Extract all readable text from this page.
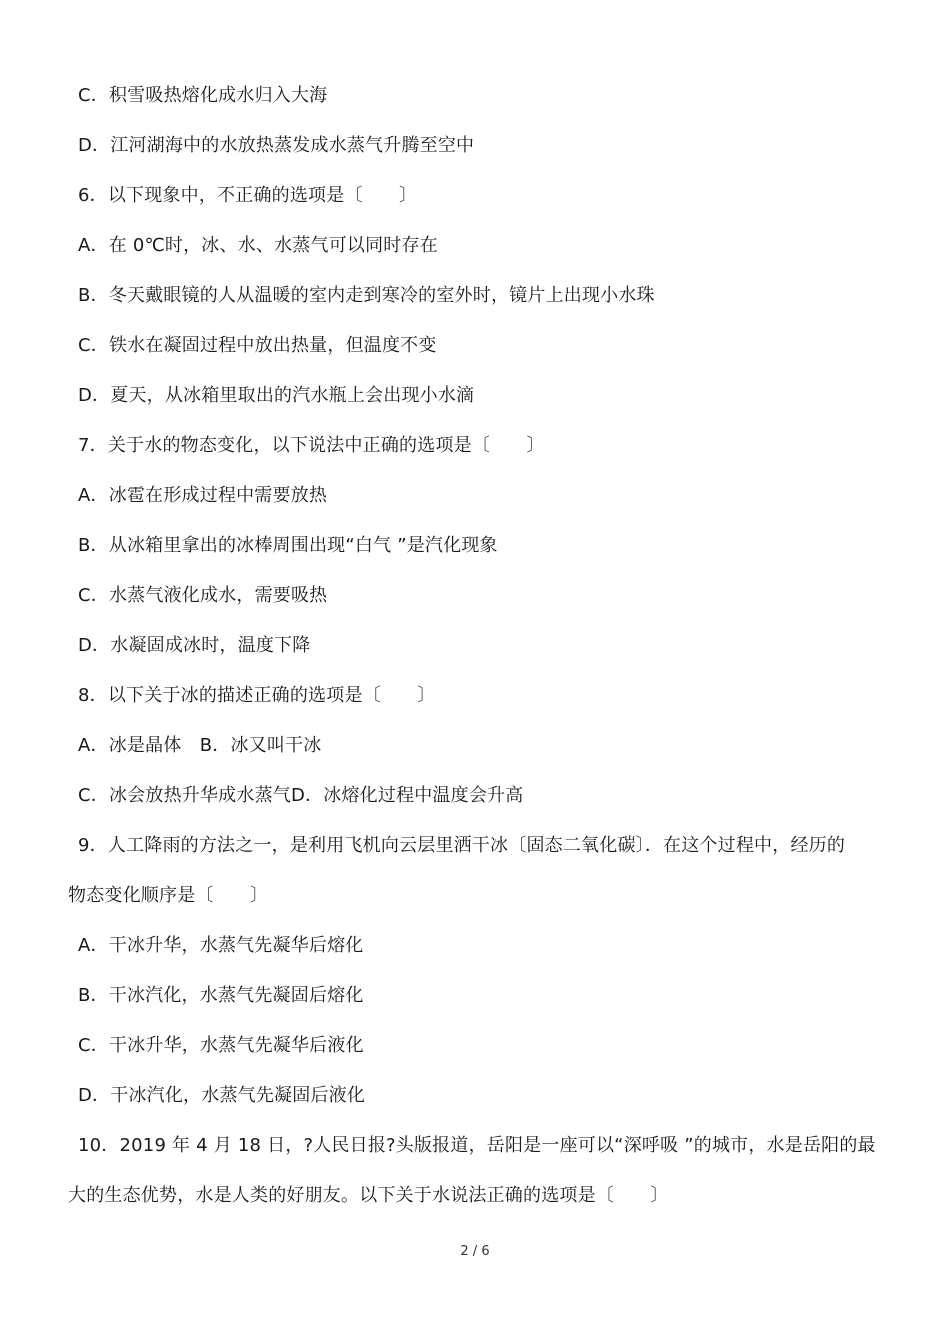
C．积雪吸热熔化成水归入大海
D．江河湖海中的水放热蒸发成水蒸气升腾至空中
6．以下现象中，不正确的选项是〔　　〕
A．在 0℃时，冰、水、水蒸气可以同时存在
B．冬天戴眼镜的人从温暖的室内走到寒冷的室外时，镜片上出现小水珠
C．铁水在凝固过程中放出热量，但温度不变
D．夏天，从冰箱里取出的汽水瓶上会出现小水滴
7．关于水的物态变化，以下说法中正确的选项是〔　　〕
A．冰雹在形成过程中需要放热
B．从冰箱里拿出的冰棒周围出现“白气 ”是汽化现象
C．水蒸气液化成水，需要吸热
D．水凝固成冰时，温度下降
8．以下关于冰的描述正确的选项是〔　　〕
A．冰是晶体　B．冰又叫干冰
C．冰会放热升华成水蒸气D．冰熔化过程中温度会升高
9．人工降雨的方法之一，是利用飞机向云层里洒干冰〔固态二氧化碳〕．在这个过程中，经历的
物态变化顺序是〔　　〕
A．干冰升华，水蒸气先凝华后熔化
B．干冰汽化，水蒸气先凝固后熔化
C．干冰升华，水蒸气先凝华后液化
D．干冰汽化，水蒸气先凝固后液化
10．2019 年 4 月 18 日，?人民日报?头版报道，岳阳是一座可以“深呼吸 ”的城市，水是岳阳的最
大的生态优势，水是人类的好朋友。以下关于水说法正确的选项是〔　　〕
2 / 6
